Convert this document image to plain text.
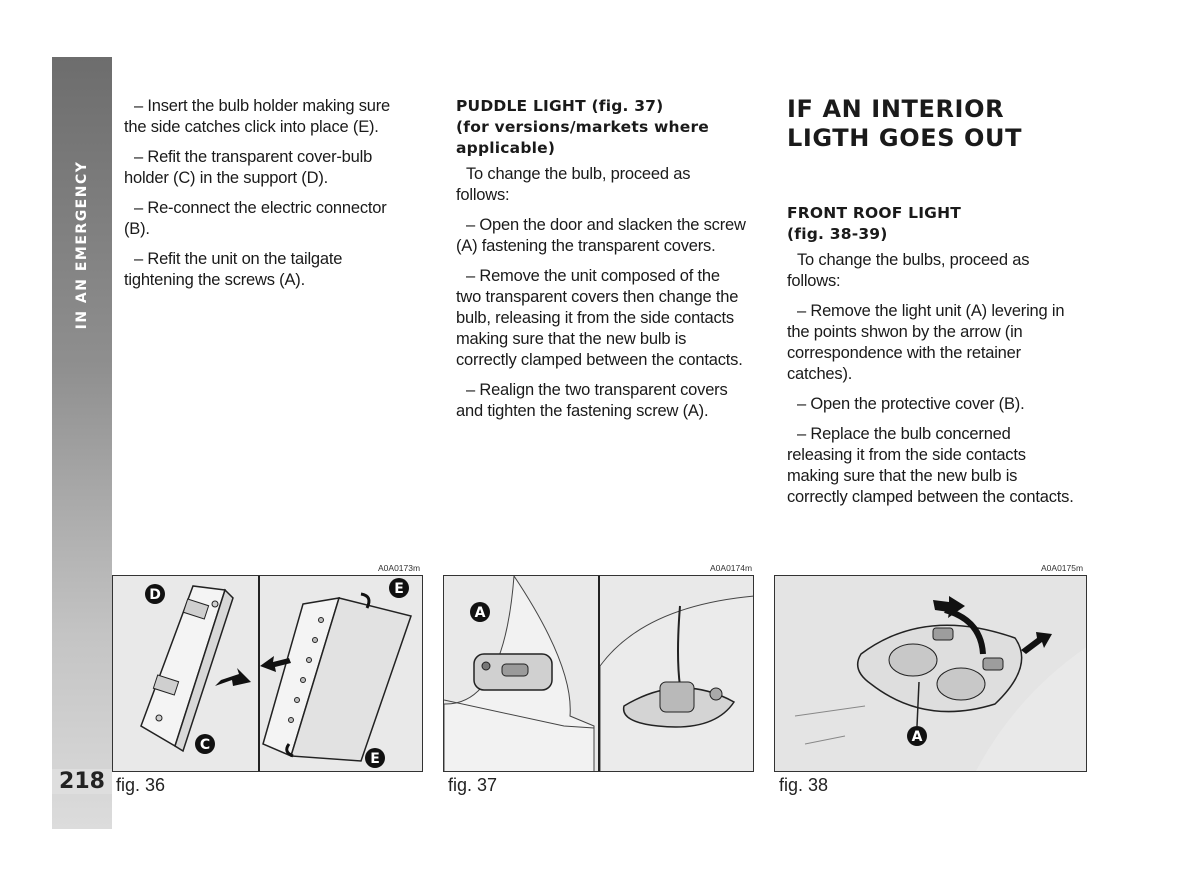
IN AN EMERGENCY
218

– Insert the bulb holder making sure the side catches click into place (E).

– Refit the transparent cover-bulb holder (C) in the support (D).

– Re-connect the electric connector (B).

– Refit the unit on the tailgate tightening the screws (A).

PUDDLE LIGHT (fig. 37)
(for versions/markets where
applicable)

To change the bulb, proceed as follows:

– Open the door and slacken the screw (A) fastening the transparent covers.

– Remove the unit composed of the two transparent covers then change the bulb, releasing it from the side contacts making sure that the new bulb is correctly clamped between the contacts.

– Realign the two transparent covers and tighten the fastening screw (A).

IF AN INTERIOR
LIGTH GOES OUT
FRONT ROOF LIGHT
(fig. 38-39)

To change the bulbs, proceed as follows:

– Remove the light unit (A) levering in the points shwon by the arrow (in correspondence with the retainer catches).

– Open the protective cover (B).

– Replace the bulb concerned releasing it from the side contacts making sure that the new bulb is correctly clamped between the contacts.

A0A0173m	A0A0174m	A0A0175m
D
C
E
E
A
A
fig. 36	fig. 37	fig. 38
